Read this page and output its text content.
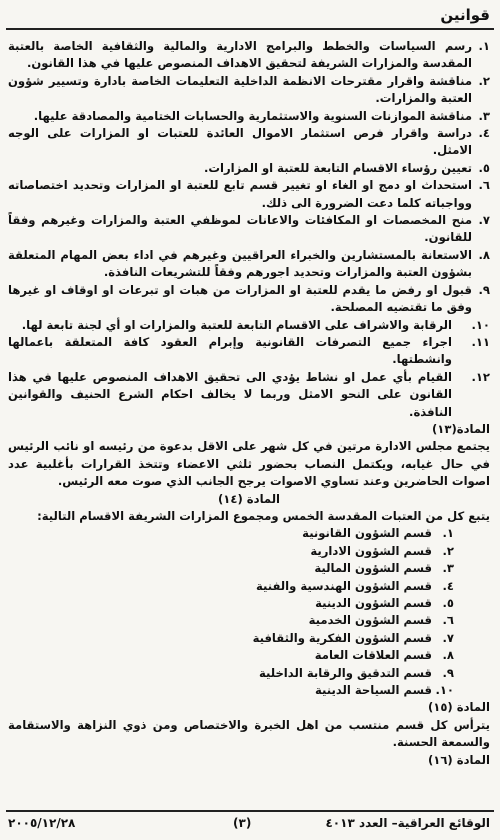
قوانين
١.
رسم السياسات والخطط والبرامج الادارية والمالية والثقافية الخاصة بالعتبة المقدسة والمزارات الشريفة لتحقيق الاهداف المنصوص عليها في هذا القانون.
٢.
مناقشة واقرار مقترحات الانظمة الداخلية التعليمات الخاصة بادارة وتسيير شؤون العتبة والمزارات.
٣.
مناقشة الموازنات السنوية والاستثمارية والحسابات الختامية والمصادقة عليها.
٤.
دراسة واقرار فرص استثمار الاموال العائدة للعتبات او المزارات على الوجه الامثل.
٥.
تعيين رؤساء الاقسام التابعة للعتبة او المزارات.
٦.
استحداث او دمج او الغاء او تغيير قسم تابع للعتبة او المزارات وتحديد اختصاصاته وواجباته كلما دعت الضرورة الى ذلك.
٧.
منح المخصصات او المكافئات والاعانات لموظفي العتبة والمزارات وغيرهم وفقاً للقانون.
٨.
الاستعانة بالمستشارين والخبراء العراقيين وغيرهم في اداء بعض المهام المتعلقة بشؤون العتبة والمزارات وتحديد اجورهم وفقاً للتشريعات النافذة.
٩.
قبول او رفض ما يقدم للعتبة او المزارات من هبات او تبرعات او اوقاف او غيرها وفق ما تقتضيه المصلحة.
١٠.
الرقابة والاشراف على الاقسام التابعة للعتبة والمزارات او أي لجنة تابعة لها.
١١.
اجراء جميع التصرفات القانونية وإبرام العقود كافة المتعلقة باعمالها وانشطتها.
١٢.
القيام بأي عمل او نشاط يؤدي الى تحقيق الاهداف المنصوص عليها في هذا القانون على النحو الامثل وربما لا يخالف احكام الشرع الحنيف والقوانين النافذة.

المادة(١٣)

يجتمع مجلس الادارة مرتين في كل شهر على الاقل بدعوة من رئيسه او نائب الرئيس في حال غيابه، ويكتمل النصاب بحضور ثلثي الاعضاء وتتخذ القرارات بأغلبية عدد اصوات الحاضرين وعند تساوي الاصوات يرجح الجانب الذي صوت معه الرئيس.

المادة (١٤)

يتبع كل من العتبات المقدسة الخمس ومجموع المزارات الشريفة الاقسام التالية:

١.
قسم الشؤون القانونية
٢.
قسم الشؤون الادارية
٣.
قسم الشؤون المالية
٤.
قسم الشؤون الهندسية والفنية
٥.
قسم الشؤون الدينية
٦.
قسم الشؤون الخدمية
٧.
قسم الشؤون الفكرية والثقافية
٨.
قسم العلاقات العامة
٩.
قسم التدقيق والرقابة الداخلية
١٠.
قسم السياحة الدينية

المادة (١٥)

يترأس كل قسم منتسب من اهل الخبرة والاختصاص ومن ذوي النزاهة والاستقامة والسمعة الحسنة.

المادة (١٦)

الوقائع العراقية– العدد ٤٠١٣
(٣)
٢٠٠٥/١٢/٢٨
